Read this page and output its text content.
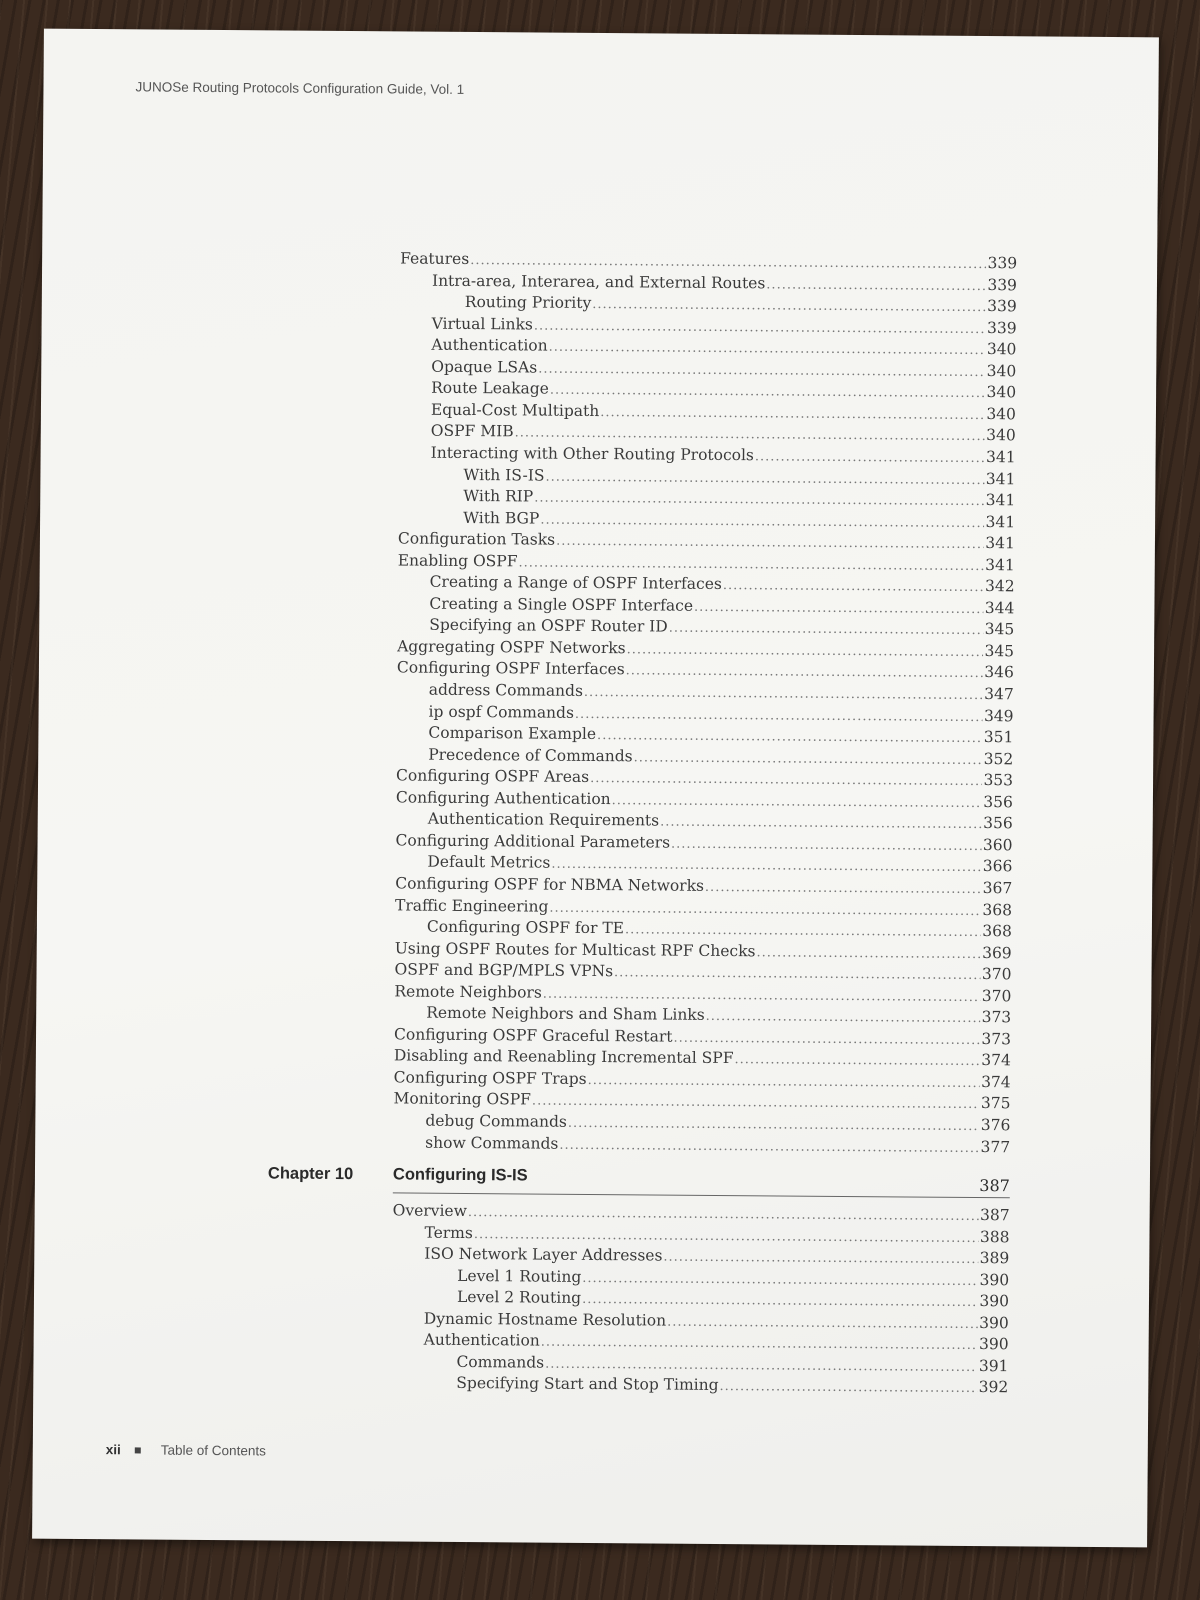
JUNOSe Routing Protocols Configuration Guide, Vol. 1
Features .....	339
Intra-area, Interarea, and External Routes .....	339
Routing Priority .....	339
Virtual Links .....	339
Authentication .....	340
Opaque LSAs .....	340
Route Leakage .....	340
Equal-Cost Multipath .....	340
OSPF MIB .....	340
Interacting with Other Routing Protocols .....	341
With IS-IS .....	341
With RIP .....	341
With BGP .....	341
Configuration Tasks .....	341
Enabling OSPF .....	341
Creating a Range of OSPF Interfaces .....	342
Creating a Single OSPF Interface .....	344
Specifying an OSPF Router ID .....	345
Aggregating OSPF Networks .....	345
Configuring OSPF Interfaces .....	346
address Commands .....	347
ip ospf Commands .....	349
Comparison Example .....	351
Precedence of Commands .....	352
Configuring OSPF Areas .....	353
Configuring Authentication .....	356
Authentication Requirements .....	356
Configuring Additional Parameters .....	360
Default Metrics .....	366
Configuring OSPF for NBMA Networks .....	367
Traffic Engineering .....	368
Configuring OSPF for TE .....	368
Using OSPF Routes for Multicast RPF Checks .....	369
OSPF and BGP/MPLS VPNs .....	370
Remote Neighbors .....	370
Remote Neighbors and Sham Links .....	373
Configuring OSPF Graceful Restart .....	373
Disabling and Reenabling Incremental SPF .....	374
Configuring OSPF Traps .....	374
Monitoring OSPF .....	375
debug Commands .....	376
show Commands .....	377
Chapter 10 Configuring IS-IS
387
Overview .....	387
Terms .....	388
ISO Network Layer Addresses .....	389
Level 1 Routing .....	390
Level 2 Routing .....	390
Dynamic Hostname Resolution .....	390
Authentication .....	390
Commands .....	391
Specifying Start and Stop Timing .....	392
xii	Table of Contents
